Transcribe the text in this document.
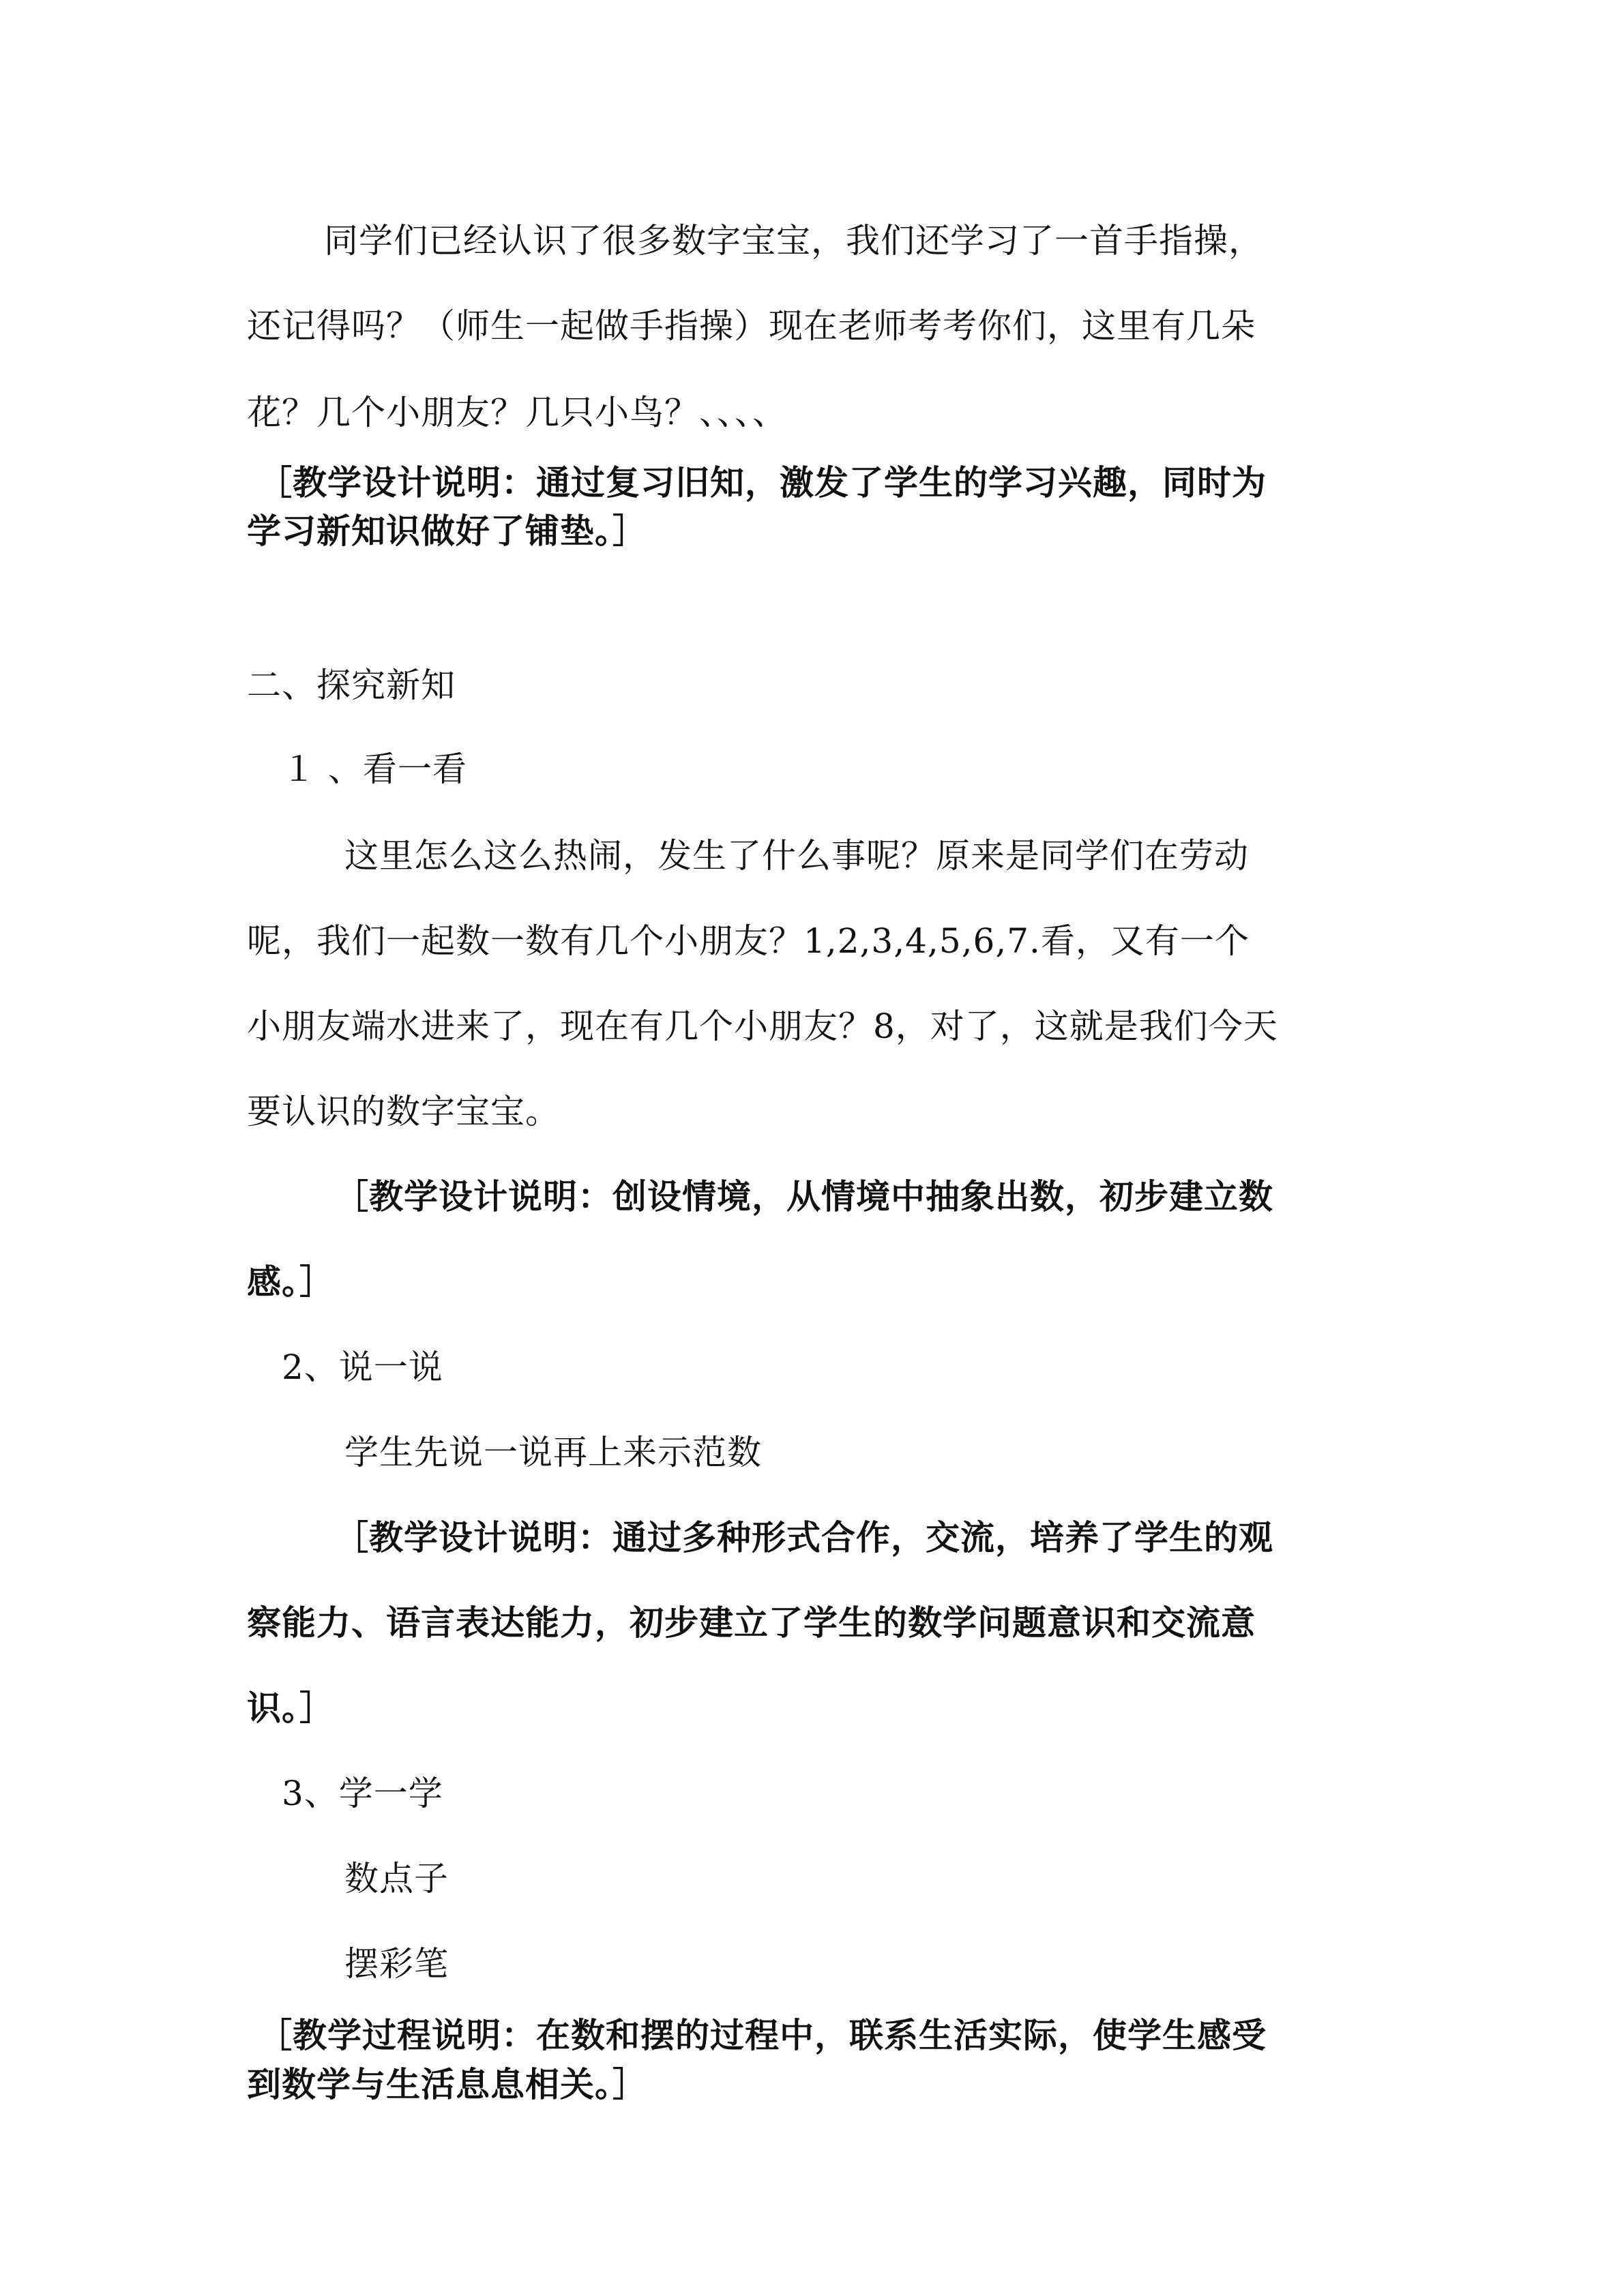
同学们已经认识了很多数字宝宝，我们还学习了一首手指操，
还记得吗？（师生一起做手指操）现在老师考考你们，这里有几朵
花？几个小朋友？几只小鸟？、、、、
［教学设计说明：通过复习旧知，激发了学生的学习兴趣，同时为
学习新知识做好了铺垫。］
二、探究新知
１ 、看一看
这里怎么这么热闹，发生了什么事呢？原来是同学们在劳动
呢，我们一起数一数有几个小朋友？1,2,3,4,5,6,7.看，又有一个
小朋友端水进来了，现在有几个小朋友？8，对了，这就是我们今天
要认识的数字宝宝。
［教学设计说明：创设情境，从情境中抽象出数，初步建立数
感。］
2、说一说
学生先说一说再上来示范数
［教学设计说明：通过多种形式合作，交流，培养了学生的观
察能力、语言表达能力，初步建立了学生的数学问题意识和交流意
识。］
3、学一学
数点子
摆彩笔
［教学过程说明：在数和摆的过程中，联系生活实际，使学生感受
到数学与生活息息相关。］
